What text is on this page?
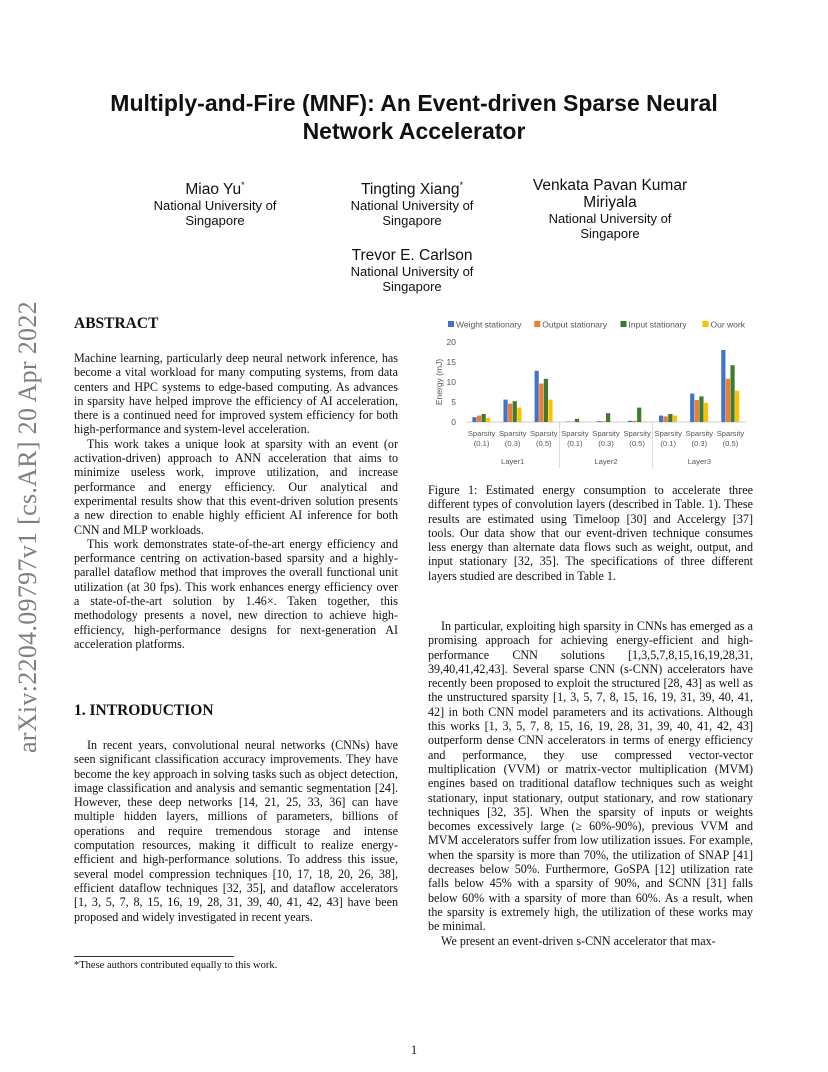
arXiv:2204.09797v1 [cs.AR] 20 Apr 2022
Multiply-and-Fire (MNF): An Event-driven Sparse Neural
Network Accelerator
Miao Yu*
National University of
Singapore
Tingting Xiang*
National University of
Singapore
Venkata Pavan Kumar
Miriyala
National University of
Singapore
Trevor E. Carlson
National University of
Singapore
ABSTRACT

Machine learning, particularly deep neural network inference, has become a vital workload for many computing systems, from data centers and HPC systems to edge-based computing. As advances in sparsity have helped improve the efficiency of AI acceleration, there is a continued need for improved system efficiency for both high-performance and system-level acceleration.

This work takes a unique look at sparsity with an event (or activation-driven) approach to ANN acceleration that aims to minimize useless work, improve utilization, and increase performance and energy efficiency. Our analytical and experimental results show that this event-driven solution presents a new direction to enable highly efficient AI inference for both CNN and MLP workloads.

This work demonstrates state-of-the-art energy efficiency and performance centring on activation-based sparsity and a highly-parallel dataflow method that improves the overall functional unit utilization (at 30 fps). This work enhances energy efficiency over a state-of-the-art solution by 1.46×. Taken together, this methodology presents a novel, new direction to achieve high-efficiency, high-performance designs for next-generation AI acceleration platforms.

1. INTRODUCTION

In recent years, convolutional neural networks (CNNs) have seen significant classification accuracy improvements. They have become the key approach in solving tasks such as object detection, image classification and analysis and semantic segmentation [24]. However, these deep networks [14, 21, 25, 33, 36] can have multiple hidden layers, millions of parameters, billions of operations and require tremendous storage and intense computation resources, making it difficult to realize energy-efficient and high-performance solutions. To address this issue, several model compression techniques [10, 17, 18, 20, 26, 38], efficient dataflow techniques [32, 35], and dataflow accelerators [1, 3, 5, 7, 8, 15, 16, 19, 28, 31, 39, 40, 41, 42, 43] have been proposed and widely investigated in recent years.

*These authors contributed equally to this work.
Weight stationary Output stationary	Input stationary	Our work
0
5
10
15
20
Energy (mJ)
Sparsity
(0.1)
Sparsity
(0.3)
Sparsity
(0.5)
Sparsity
(0.1)
Sparsity
(0.3)
Sparsity
(0.5)
Sparsity
(0.1)
Sparsity
(0.3)
Sparsity
(0.5)
Layer1	Layer2	Layer3
Figure 1: Estimated energy consumption to accelerate three different types of convolution layers (described in Table. 1). These results are estimated using Timeloop [30] and Accelergy [37] tools. Our data show that our event-driven technique consumes less energy than alternate data flows such as weight, output, and input stationary [32, 35]. The specifications of three different layers studied are described in Table 1.

In particular, exploiting high sparsity in CNNs has emerged as a promising approach for achieving energy-efficient and high-performance CNN solutions [1,3,5,7,8,15,16,19,28,31, 39,40,41,42,43]. Several sparse CNN (s-CNN) accelerators have recently been proposed to exploit the structured [28, 43] as well as the unstructured sparsity [1, 3, 5, 7, 8, 15, 16, 19, 31, 39, 40, 41, 42] in both CNN model parameters and its activations. Although this works [1, 3, 5, 7, 8, 15, 16, 19, 28, 31, 39, 40, 41, 42, 43] outperform dense CNN accelerators in terms of energy efficiency and performance, they use compressed vector-vector multiplication (VVM) or matrix-vector multiplication (MVM) engines based on traditional dataflow techniques such as weight stationary, input stationary, output stationary, and row stationary techniques [32, 35]. When the sparsity of inputs or weights becomes excessively large (≥ 60%-90%), previous VVM and MVM accelerators suffer from low utilization issues. For example, when the sparsity is more than 70%, the utilization of SNAP [41] decreases below 50%. Furthermore, GoSPA [12] utilization rate falls below 45% with a sparsity of 90%, and SCNN [31] falls below 60% with a sparsity of more than 60%. As a result, when the sparsity is extremely high, the utilization of these works may be minimal.

We present an event-driven s-CNN accelerator that max-

1
